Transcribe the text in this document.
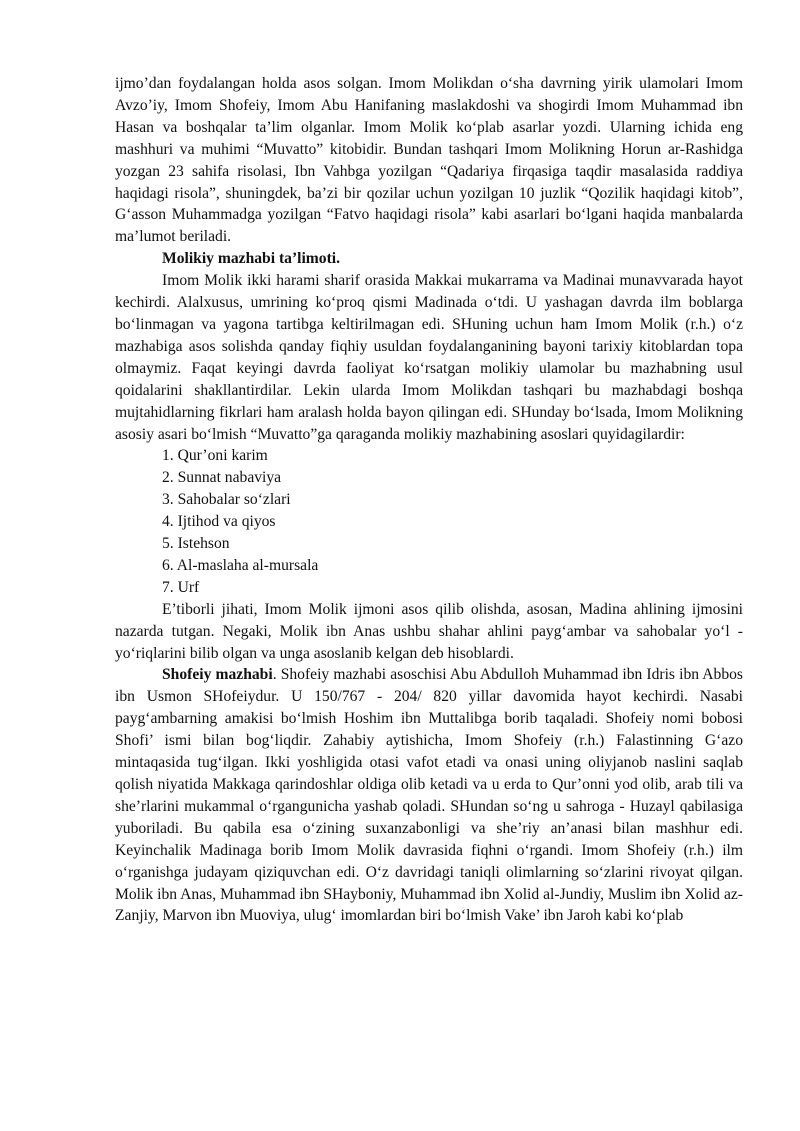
ijmo’dan foydalangan holda asos solgan. Imom Molikdan o‘sha davrning yirik ulamolari Imom Avzo’iy, Imom Shofeiy, Imom Abu Hanifaning maslakdoshi va shogirdi Imom Muhammad ibn Hasan va boshqalar ta’lim olganlar. Imom Molik ko‘plab asarlar yozdi. Ularning ichida eng mashhuri va muhimi “Muvatto” kitobidir. Bundan tashqari Imom Molikning Horun ar-Rashidga yozgan 23 sahifa risolasi, Ibn Vahbga yozilgan “Qadariya firqasiga taqdir masalasida raddiya haqidagi risola”, shuningdek, ba’zi bir qozilar uchun yozilgan 10 juzlik “Qozilik haqidagi kitob”, G‘asson Muhammadga yozilgan “Fatvo haqidagi risola” kabi asarlari bo‘lgani haqida manbalarda ma’lumot beriladi.

Molikiy mazhabi ta’limoti.

Imom Molik ikki harami sharif orasida Makkai mukarrama va Madinai munavvarada hayot kechirdi. Alalxusus, umrining ko‘proq qismi Madinada o‘tdi. U yashagan davrda ilm boblarga bo‘linmagan va yagona tartibga keltirilmagan edi. SHuning uchun ham Imom Molik (r.h.) o‘z mazhabiga asos solishda qanday fiqhiy usuldan foydalanganining bayoni tarixiy kitoblardan topa olmaymiz. Faqat keyingi davrda faoliyat ko‘rsatgan molikiy ulamolar bu mazhabning usul qoidalarini shakllantirdilar. Lekin ularda Imom Molikdan tashqari bu mazhabdagi boshqa mujtahidlarning fikrlari ham aralash holda bayon qilingan edi. SHunday bo‘lsada, Imom Molikning asosiy asari bo‘lmish “Muvatto”ga qaraganda molikiy mazhabining asoslari quyidagilardir:

1. Qur’oni karim
2. Sunnat nabaviya
3. Sahobalar so‘zlari
4. Ijtihod va qiyos
5. Istehson
6. Al-maslaha al-mursala
7. Urf

E’tiborli jihati, Imom Molik ijmoni asos qilib olishda, asosan, Madina ahlining ijmosini nazarda tutgan. Negaki, Molik ibn Anas ushbu shahar ahlini payg‘ambar va sahobalar yo‘l - yo‘riqlarini bilib olgan va unga asoslanib kelgan deb hisoblardi.

Shofeiy mazhabi. Shofeiy mazhabi asoschisi Abu Abdulloh Muhammad ibn Idris ibn Abbos ibn Usmon SHofeiydur. U 150/767 - 204/ 820 yillar davomida hayot kechirdi. Nasabi payg‘ambarning amakisi bo‘lmish Hoshim ibn Muttalibga borib taqaladi. Shofeiy nomi bobosi Shofi’ ismi bilan bog‘liqdir. Zahabiy aytishicha, Imom Shofeiy (r.h.) Falastinning G‘azo mintaqasida tug‘ilgan. Ikki yoshligida otasi vafot etadi va onasi uning oliyjanob naslini saqlab qolish niyatida Makkaga qarindoshlar oldiga olib ketadi va u erda to Qur’onni yod olib, arab tili va she’rlarini mukammal o‘rgangunicha yashab qoladi. SHundan so‘ng u sahroga - Huzayl qabilasiga yuboriladi. Bu qabila esa o‘zining suxanzabonligi va she’riy an’anasi bilan mashhur edi. Keyinchalik Madinaga borib Imom Molik davrasida fiqhni o‘rgandi. Imom Shofeiy (r.h.) ilm o‘rganishga judayam qiziquvchan edi. O‘z davridagi taniqli olimlarning so‘zlarini rivoyat qilgan. Molik ibn Anas, Muhammad ibn SHayboniy, Muhammad ibn Xolid al-Jundiy, Muslim ibn Xolid az-Zanjiy, Marvon ibn Muoviya, ulug‘ imomlardan biri bo‘lmish Vake’ ibn Jaroh kabi ko‘plab
